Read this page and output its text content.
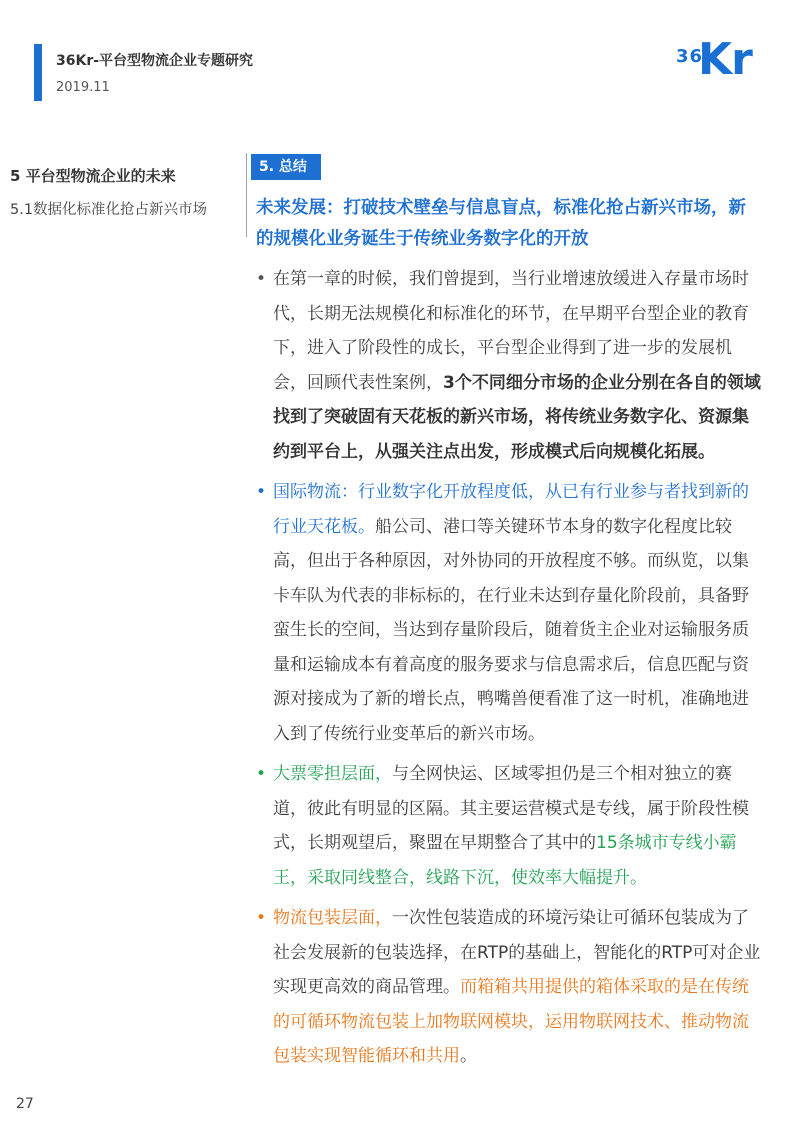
36Kr-平台型物流企业专题研究
2019.11
36
Kr
5 平台型物流企业的未来
5.1数据化标准化抢占新兴市场
5. 总结
未来发展：打破技术壁垒与信息盲点，标准化抢占新兴市场，新的规模化业务诞生于传统业务数字化的开放
• 在第一章的时候，我们曾提到，当行业增速放缓进入存量市场时代，长期无法规模化和标准化的环节，在早期平台型企业的教育下，进入了阶段性的成长，平台型企业得到了进一步的发展机会，回顾代表性案例，3个不同细分市场的企业分别在各自的领域找到了突破固有天花板的新兴市场，将传统业务数字化、资源集约到平台上，从强关注点出发，形成模式后向规模化拓展。
• 国际物流：行业数字化开放程度低，从已有行业参与者找到新的行业天花板。船公司、港口等关键环节本身的数字化程度比较高，但出于各种原因，对外协同的开放程度不够。而纵览，以集卡车队为代表的非标标的，在行业未达到存量化阶段前，具备野蛮生长的空间，当达到存量阶段后，随着货主企业对运输服务质量和运输成本有着高度的服务要求与信息需求后，信息匹配与资源对接成为了新的增长点，鸭嘴兽便看准了这一时机，准确地进入到了传统行业变革后的新兴市场。
• 大票零担层面，与全网快运、区域零担仍是三个相对独立的赛道，彼此有明显的区隔。其主要运营模式是专线，属于阶段性模式，长期观望后，聚盟在早期整合了其中的15条城市专线小霸王，采取同线整合，线路下沉，使效率大幅提升。
• 物流包装层面，一次性包装造成的环境污染让可循环包装成为了社会发展新的包装选择，在RTP的基础上，智能化的RTP可对企业实现更高效的商品管理。而箱箱共用提供的箱体采取的是在传统的可循环物流包装上加物联网模块，运用物联网技术、推动物流包装实现智能循环和共用。
27
